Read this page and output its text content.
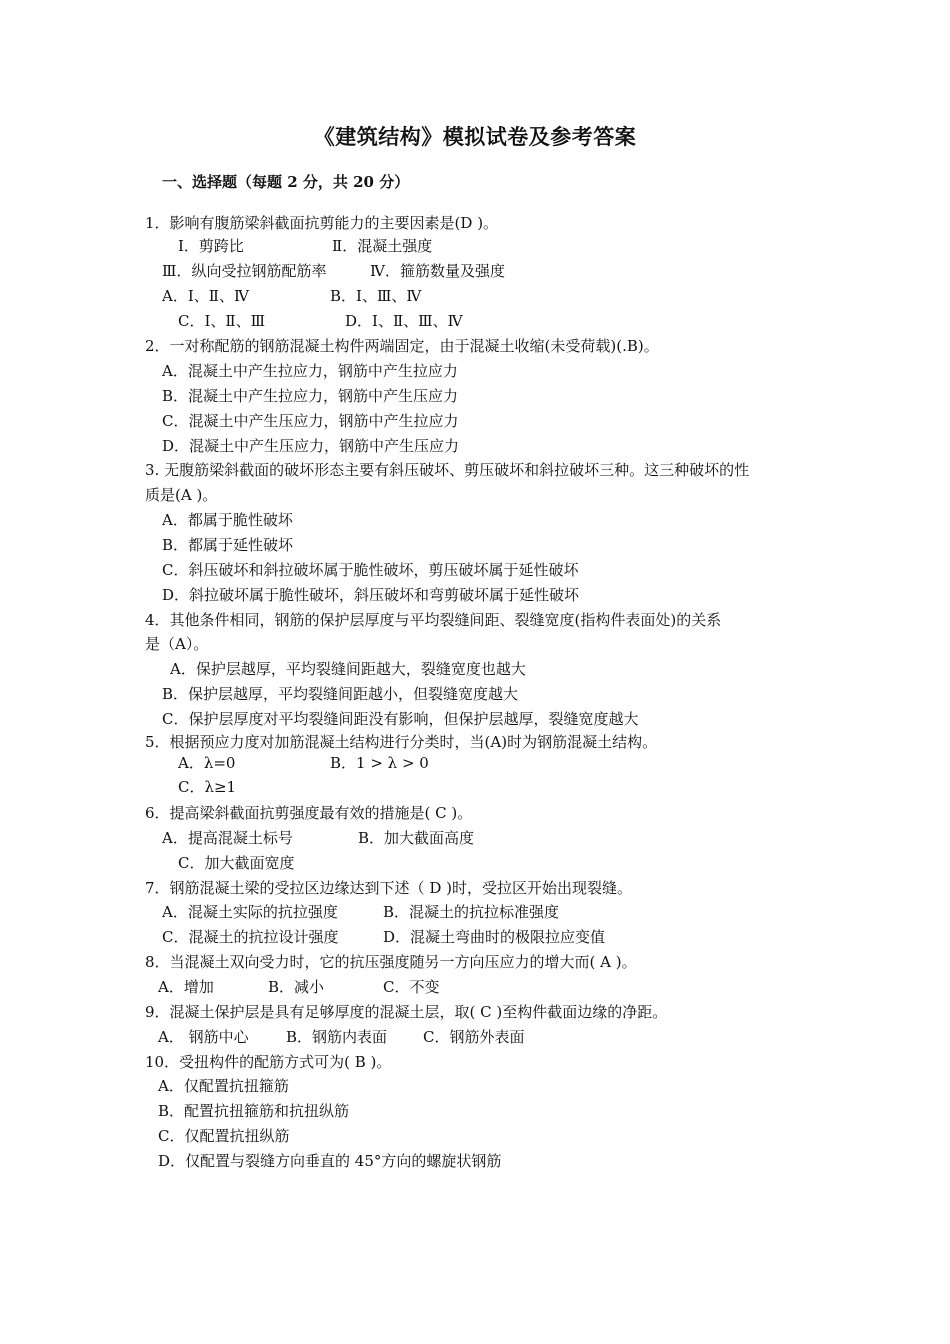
《建筑结构》模拟试卷及参考答案
一、选择题（每题 2 分，共 20 分）
1．影响有腹筋梁斜截面抗剪能力的主要因素是(D )。
Ⅰ．剪跨比	Ⅱ．混凝土强度
Ⅲ．纵向受拉钢筋配筋率	Ⅳ．箍筋数量及强度
A．Ⅰ、Ⅱ、Ⅳ	B．Ⅰ、Ⅲ、Ⅳ
C．Ⅰ、Ⅱ、Ⅲ	D．Ⅰ、Ⅱ、Ⅲ、Ⅳ
2．一对称配筋的钢筋混凝土构件两端固定，由于混凝土收缩(未受荷载)(.B)。
A．混凝土中产生拉应力，钢筋中产生拉应力
B．混凝土中产生拉应力，钢筋中产生压应力
C．混凝土中产生压应力，钢筋中产生拉应力
D．混凝土中产生压应力，钢筋中产生压应力
3. 无腹筋梁斜截面的破坏形态主要有斜压破坏、剪压破坏和斜拉破坏三种。这三种破坏的性
质是(A )。
A．都属于脆性破坏
B．都属于延性破坏
C．斜压破坏和斜拉破坏属于脆性破坏，剪压破坏属于延性破坏
D．斜拉破坏属于脆性破坏，斜压破坏和弯剪破坏属于延性破坏
4．其他条件相同，钢筋的保护层厚度与平均裂缝间距、裂缝宽度(指构件表面处)的关系
是（A）。
A．保护层越厚，平均裂缝间距越大，裂缝宽度也越大
B．保护层越厚，平均裂缝间距越小，但裂缝宽度越大
C．保护层厚度对平均裂缝间距没有影响，但保护层越厚，裂缝宽度越大
5．根据预应力度对加筋混凝土结构进行分类时，当(A)时为钢筋混凝土结构。
A．λ=0	B．1 > λ > 0
C．λ≥1
6．提高梁斜截面抗剪强度最有效的措施是( C )。
A．提高混凝土标号	B．加大截面高度
C．加大截面宽度
7．钢筋混凝土梁的受拉区边缘达到下述（ D )时，受拉区开始出现裂缝。
A．混凝土实际的抗拉强度	B．混凝土的抗拉标准强度
C．混凝土的抗拉设计强度	D．混凝土弯曲时的极限拉应变值
8．当混凝土双向受力时，它的抗压强度随另一方向压应力的增大而( A )。
A．增加	B．减小	C．不变
9．混凝土保护层是具有足够厚度的混凝土层，取( C )至构件截面边缘的净距。
A． 钢筋中心 B．钢筋内表面 C．钢筋外表面
10．受扭构件的配筋方式可为( B )。
A．仅配置抗扭箍筋
B．配置抗扭箍筋和抗扭纵筋
C．仅配置抗扭纵筋
D．仅配置与裂缝方向垂直的 45°方向的螺旋状钢筋
